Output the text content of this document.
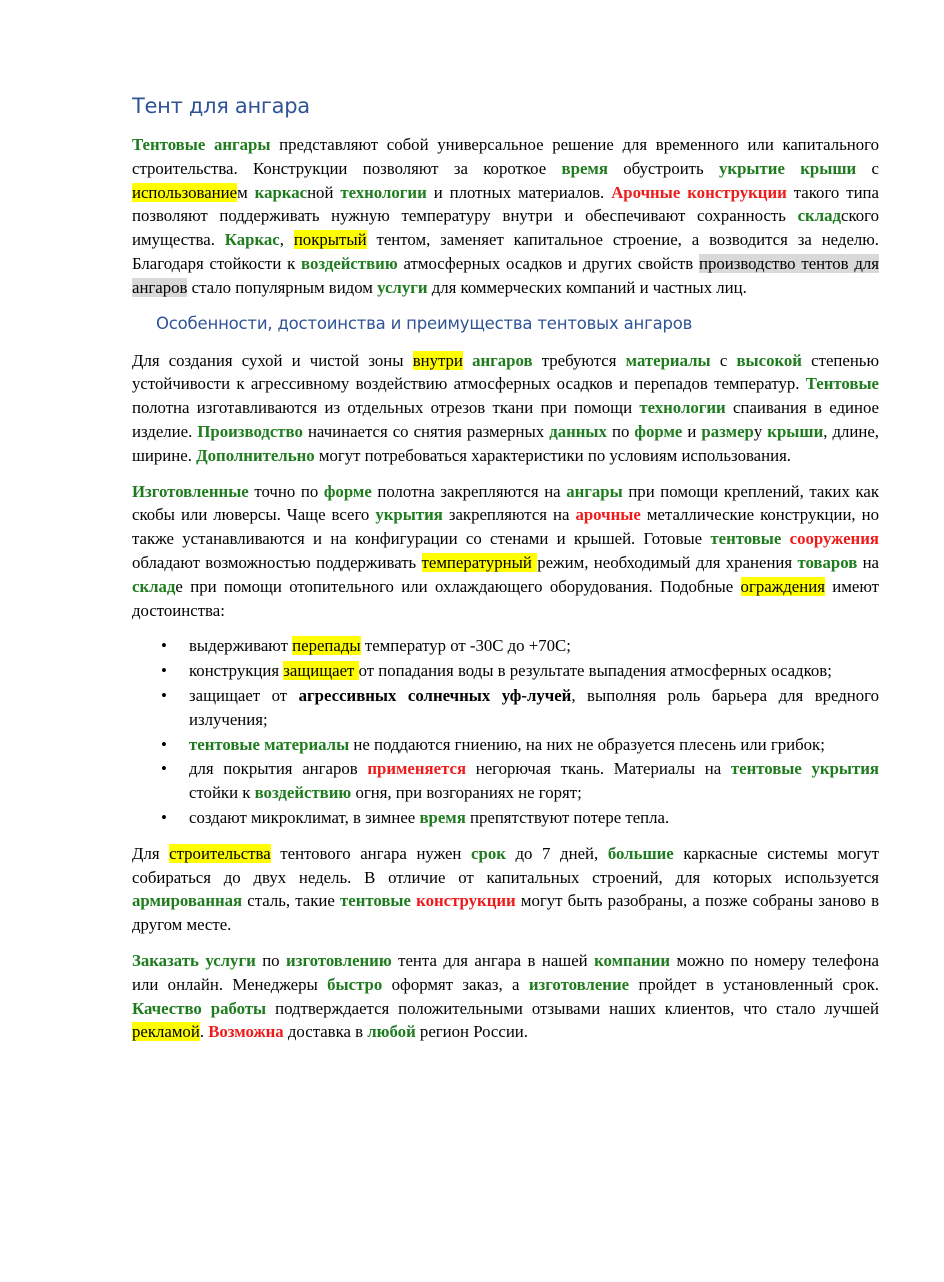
Тент для ангара

Тентовые ангары представляют собой универсальное решение для временного или капитального строительства. Конструкции позволяют за короткое время обустроить укрытие крыши с использованием каркасной технологии и плотных материалов. Арочные конструкции такого типа позволяют поддерживать нужную температуру внутри и обеспечивают сохранность складского имущества. Каркас, покрытый тентом, заменяет капитальное строение, а возводится за неделю. Благодаря стойкости к воздействию атмосферных осадков и других свойств производство тентов для ангаров стало популярным видом услуги для коммерческих компаний и частных лиц.

Особенности, достоинства и преимущества тентовых ангаров

Для создания сухой и чистой зоны внутри ангаров требуются материалы с высокой степенью устойчивости к агрессивному воздействию атмосферных осадков и перепадов температур. Тентовые полотна изготавливаются из отдельных отрезов ткани при помощи технологии спаивания в единое изделие. Производство начинается со снятия размерных данных по форме и размеру крыши, длине, ширине. Дополнительно могут потребоваться характеристики по условиям использования.

Изготовленные точно по форме полотна закрепляются на ангары при помощи креплений, таких как скобы или люверсы. Чаще всего укрытия закрепляются на арочные металлические конструкции, но также устанавливаются и на конфигурации со стенами и крышей. Готовые тентовые сооружения обладают возможностью поддерживать температурный режим, необходимый для хранения товаров на складе при помощи отопительного или охлаждающего оборудования. Подобные ограждения имеют достоинства:

• выдерживают перепады температур от -30С до +70С;
• конструкция защищает от попадания воды в результате выпадения атмосферных осадков;
• защищает от агрессивных солнечных уф-лучей, выполняя роль барьера для вредного излучения;
• тентовые материалы не поддаются гниению, на них не образуется плесень или грибок;
• для покрытия ангаров применяется негорючая ткань. Материалы на тентовые укрытия стойки к воздействию огня, при возгораниях не горят;
• создают микроклимат, в зимнее время препятствуют потере тепла.

Для строительства тентового ангара нужен срок до 7 дней, большие каркасные системы могут собираться до двух недель. В отличие от капитальных строений, для которых используется армированная сталь, такие тентовые конструкции могут быть разобраны, а позже собраны заново в другом месте.

Заказать услуги по изготовлению тента для ангара в нашей компании можно по номеру телефона или онлайн. Менеджеры быстро оформят заказ, а изготовление пройдет в установленный срок. Качество работы подтверждается положительными отзывами наших клиентов, что стало лучшей рекламой. Возможна доставка в любой регион России.
